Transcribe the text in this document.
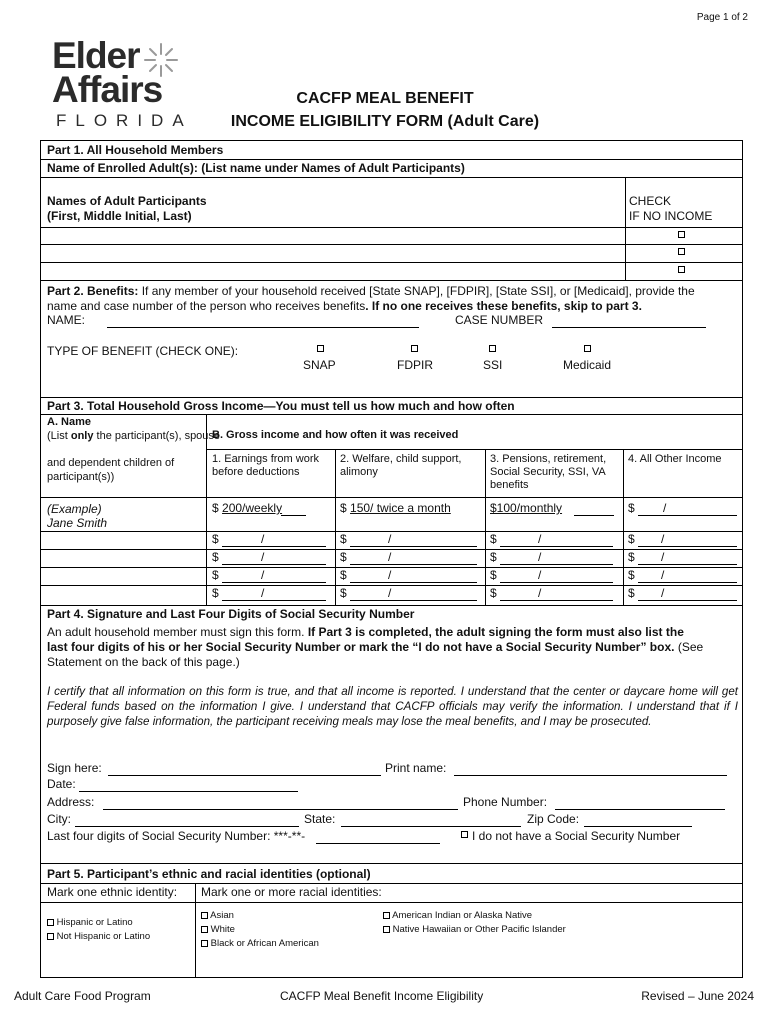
Page 1 of 2
Elder
Affairs
FLORIDA
CACFP MEAL BENEFIT
INCOME ELIGIBILITY FORM (Adult Care)
Part 1. All Household Members
Name of Enrolled Adult(s): (List name under Names of Adult Participants)
Names of Adult Participants
(First, Middle Initial, Last)
CHECK
IF NO INCOME
Part 2. Benefits: If any member of your household received [State SNAP], [FDPIR], [State SSI], or [Medicaid], provide the
name and case number of the person who receives benefits. If no one receives these benefits, skip to part 3.
NAME:	CASE NUMBER
TYPE OF BENEFIT (CHECK ONE):
SNAP	FDPIR	SSI	Medicaid
Part 3. Total Household Gross Income—You must tell us how much and how often
A. Name
(List only the participant(s), spouse
and dependent children of
participant(s))
B. Gross income and how often it was received
1. Earnings from work before deductions
2. Welfare, child support, alimony
3. Pensions, retirement, Social Security, SSI, VA benefits
4. All Other Income
(Example)
Jane Smith
$ 200/weekly	$ 150/ twice a month	$100/monthly	$ /
$	/	$	/	$	/	$ /
$	/	$	/	$	/	$ /
$	/	$	/	$	/	$ /
$	/	$	/	$	/	$ /
Part 4. Signature and Last Four Digits of Social Security Number
An adult household member must sign this form. If Part 3 is completed, the adult signing the form must also list the
last four digits of his or her Social Security Number or mark the “I do not have a Social Security Number” box. (See
Statement on the back of this page.)
I certify that all information on this form is true, and that all income is reported. I understand that the center or daycare home will get Federal funds based on the information I give. I understand that CACFP officials may verify the information. I understand that if I purposely give false information, the participant receiving meals may lose the meal benefits, and I may be prosecuted.
Sign here:	Print name:
Date:
Address:	Phone Number:
City:	State:	Zip Code:
Last four digits of Social Security Number: ***-**-	I do not have a Social Security Number
Part 5. Participant’s ethnic and racial identities (optional)
Mark one ethnic identity: Mark one or more racial identities:
Hispanic or Latino
Not Hispanic or Latino
Asian
White
Black or African American
American Indian or Alaska Native
Native Hawaiian or Other Pacific Islander
Adult Care Food Program	CACFP Meal Benefit Income Eligibility	Revised – June 2024
